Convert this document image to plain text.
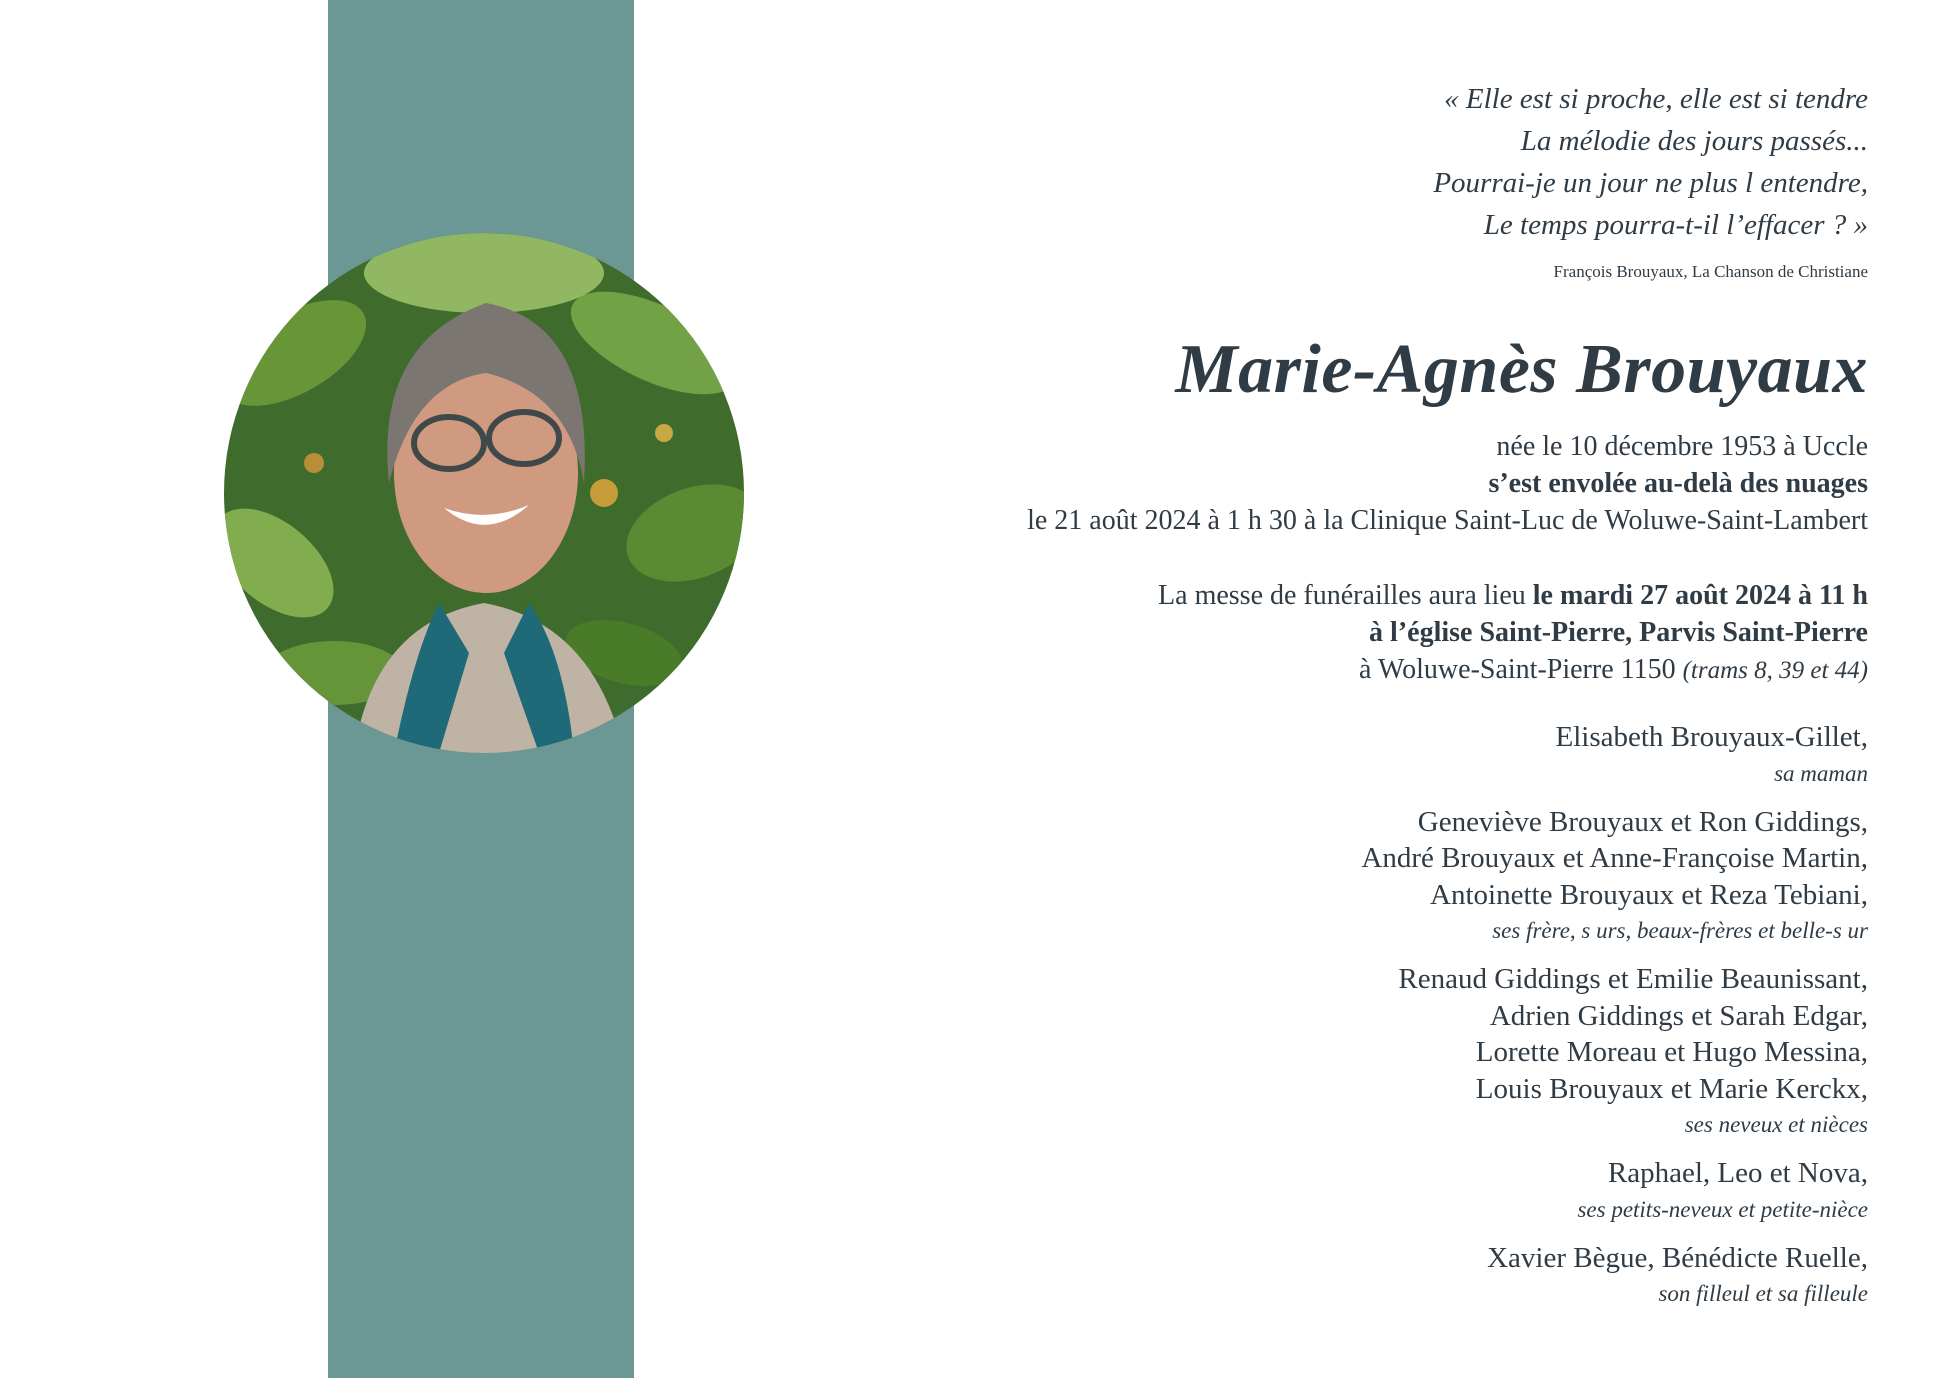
« Elle est si proche, elle est si tendre
La mélodie des jours passés...
Pourrai-je un jour ne plus l entendre,
Le temps pourra-t-il l’effacer ? »
François Brouyaux, La Chanson de Christiane
Marie-Agnès Brouyaux
née le 10 décembre 1953 à Uccle
s’est envolée au-delà des nuages
le 21 août 2024 à 1 h 30 à la Clinique Saint-Luc de Woluwe-Saint-Lambert
La messe de funérailles aura lieu le mardi 27 août 2024 à 11 h
à l’église Saint-Pierre, Parvis Saint-Pierre
à Woluwe-Saint-Pierre 1150 (trams 8, 39 et 44)
Elisabeth Brouyaux-Gillet,
sa maman
Geneviève Brouyaux et Ron Giddings,
André Brouyaux et Anne-Françoise Martin,
Antoinette Brouyaux et Reza Tebiani,
ses frère, s urs, beaux-frères et belle-s ur
Renaud Giddings et Emilie Beaunissant,
Adrien Giddings et Sarah Edgar,
Lorette Moreau et Hugo Messina,
Louis Brouyaux et Marie Kerckx,
ses neveux et nièces
Raphael, Leo et Nova,
ses petits-neveux et petite-nièce
Xavier Bègue, Bénédicte Ruelle,
son filleul et sa filleule
